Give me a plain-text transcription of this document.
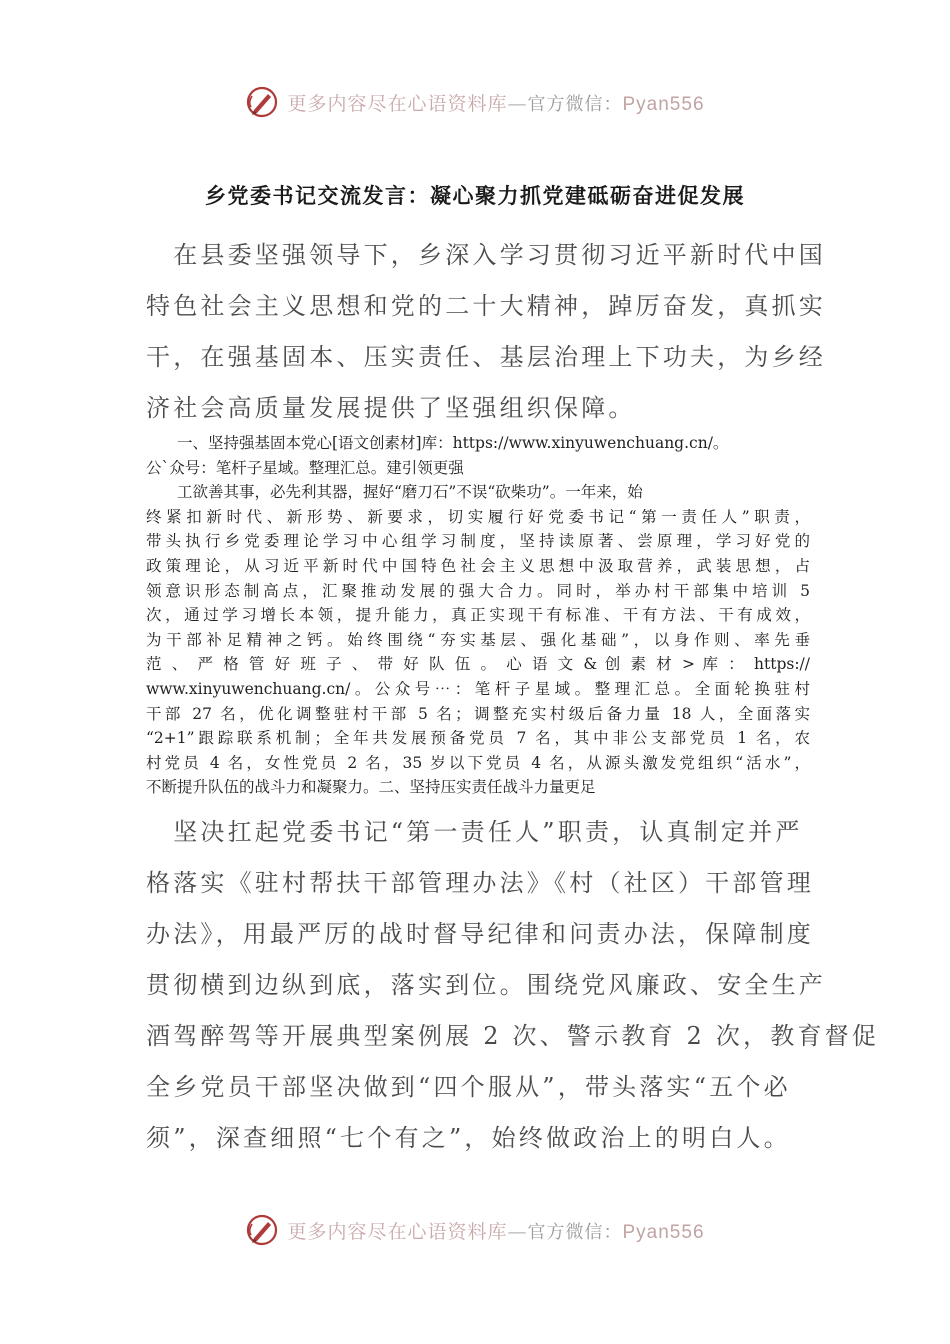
更多内容尽在心语资料库—官方微信：Pyan556
乡党委书记交流发言：凝心聚力抓党建砥砺奋进促发展
　在县委坚强领导下，乡深入学习贯彻习近平新时代中国
特色社会主义思想和党的二十大精神，踔厉奋发，真抓实
干，在强基固本、压实责任、基层治理上下功夫，为乡经
济社会高质量发展提供了坚强组织保障。
　　一、坚持强基固本党心[语文创素材]库：https://www.xinyuwenchuang.cn/。
公`众号：笔杆子星域。整理汇总。建引领更强
　　工欲善其事，必先利其器，握好“磨刀石”不误“砍柴功”。一年来，始
终紧扣新时代、新形势、新要求，切实履行好党委书记“第一责任人”职责，
带头执行乡党委理论学习中心组学习制度，坚持读原著、尝原理，学习好党的
政策理论，从习近平新时代中国特色社会主义思想中汲取营养，武装思想，占
领意识形态制高点，汇聚推动发展的强大合力。同时，举办村干部集中培训 5
次，通过学习增长本领，提升能力，真正实现干有标准、干有方法、干有成效，
为干部补足精神之钙。始终围绕“夯实基层、强化基础”，以身作则、率先垂
范 、 严 格 管 好 班 子 、 带 好 队 伍 。 心 语 文 & 创 素 材 > 库 ： https://
www.xinyuwenchuang.cn/。公众号⋯：笔杆子星域。整理汇总。全面轮换驻村
干部 27 名，优化调整驻村干部 5 名；调整充实村级后备力量 18 人，全面落实
“2+1”跟踪联系机制；全年共发展预备党员 7 名，其中非公支部党员 1 名，农
村党员 4 名，女性党员 2 名，35 岁以下党员 4 名，从源头激发党组织“活水”，
不断提升队伍的战斗力和凝聚力。二、坚持压实责任战斗力量更足
　坚决扛起党委书记“第一责任人”职责，认真制定并严
格落实《驻村帮扶干部管理办法》《村（社区）干部管理
办法》，用最严厉的战时督导纪律和问责办法，保障制度
贯彻横到边纵到底，落实到位。围绕党风廉政、安全生产
酒驾醉驾等开展典型案例展 2 次、警示教育 2 次，教育督促
全乡党员干部坚决做到“四个服从”，带头落实“五个必
须”，深查细照“七个有之”，始终做政治上的明白人。
更多内容尽在心语资料库—官方微信：Pyan556
